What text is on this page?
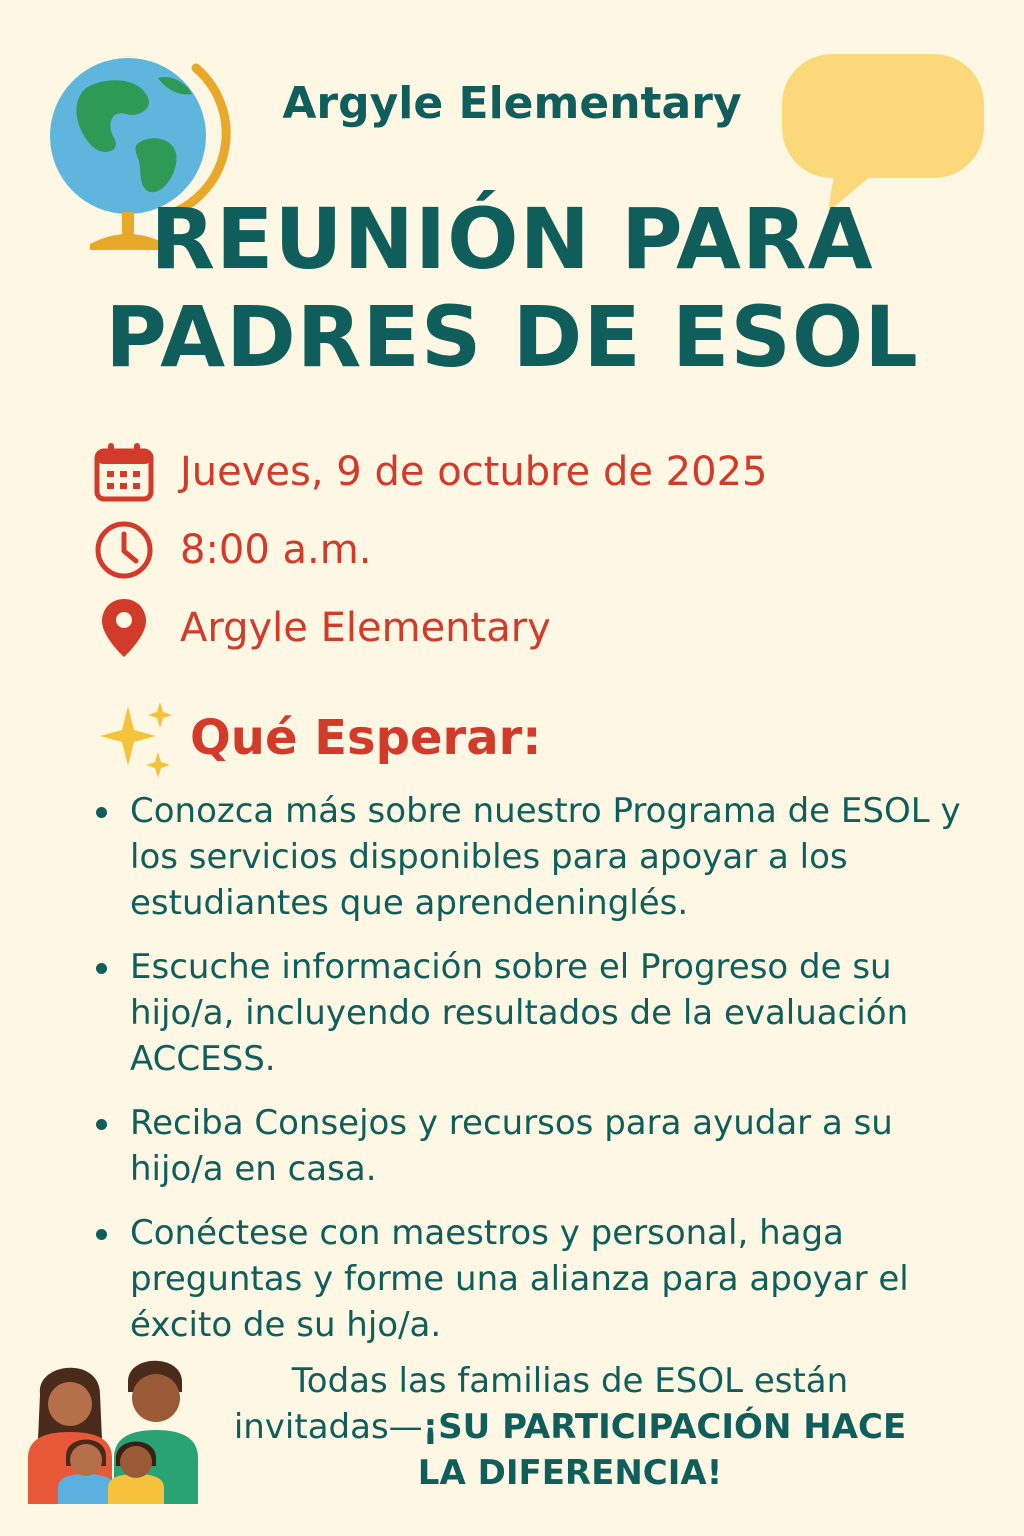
Argyle Elementary
REUNIÓN PARA
PADRES DE ESOL
Jueves, 9 de octubre de 2025
8:00 a.m.
Argyle Elementary
Qué Esperar:
Conozca más sobre nuestro Programa de ESOL y los servicios disponibles para apoyar a los estudiantes que aprendeninglés.
Escuche información sobre el Progreso de su hijo/a, incluyendo resultados de la evaluación ACCESS.
Reciba Consejos y recursos para ayudar a su hijo/a en casa.
Conéctese con maestros y personal, haga preguntas y forme una alianza para apoyar el éxcito de su hjo/a.
Todas las familias de ESOL están
invitadas—¡SU PARTICIPACIÓN HACE
LA DIFERENCIA!
